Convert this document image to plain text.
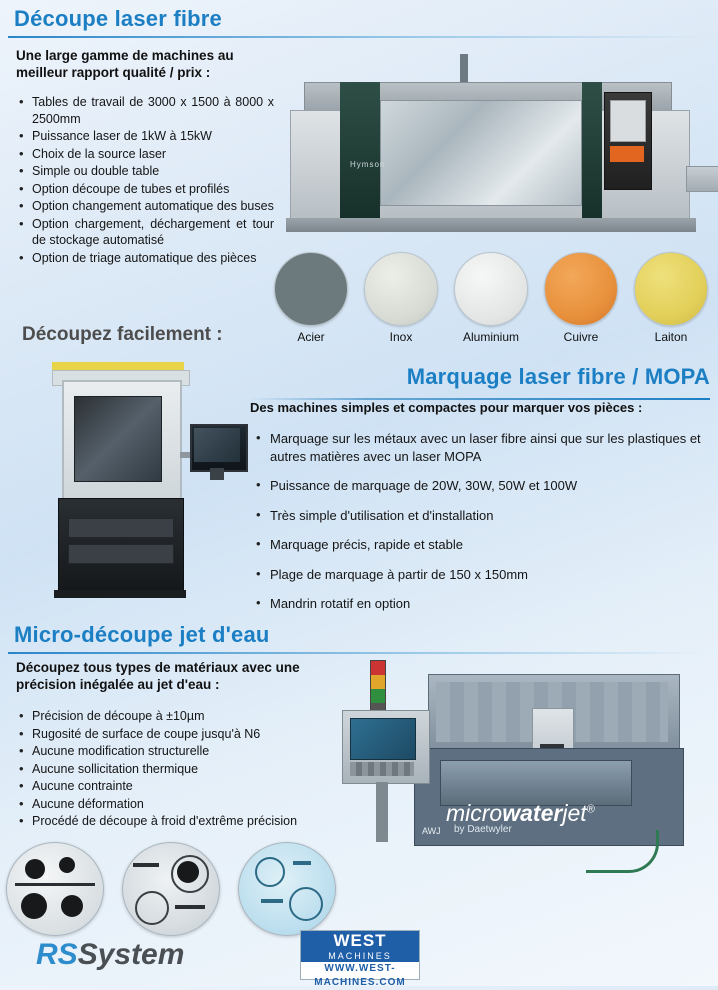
Découpe laser fibre
Une large gamme de machines au meilleur rapport qualité / prix :
• Tables de travail de 3000 x 1500 à 8000 x 2500mm
• Puissance laser de 1kW à 15kW
• Choix de la source laser
• Simple ou double table
• Option découpe de tubes et profilés
• Option changement automatique des buses
• Option chargement, déchargement et tour de stockage automatisé
• Option de triage automatique des pièces
Hymson
Acier	Inox	Aluminium	Cuivre	Laiton
Découpez facilement :
Marquage laser fibre / MOPA
Des machines simples et compactes pour marquer vos pièces :
• Marquage sur les métaux avec un laser fibre ainsi que sur les plastiques et autres matières avec un laser MOPA
• Puissance de marquage de 20W, 30W, 50W et 100W
• Très simple d'utilisation et d'installation
• Marquage précis, rapide et stable
• Plage de marquage à partir de 150 x 150mm
• Mandrin rotatif en option
Micro-découpe jet d'eau
Découpez tous types de matériaux avec une précision inégalée au jet d'eau :
• Précision de découpe à ±10µm
• Rugosité de surface de coupe jusqu'à N6
• Aucune modification structurelle
• Aucune sollicitation thermique
• Aucune contrainte
• Aucune déformation
• Procédé de découpe à froid d'extrême précision
AWJ
microwaterjet®
by Daetwyler
RSSystem	WEST
MACHINES
WWW.WEST-MACHINES.COM
